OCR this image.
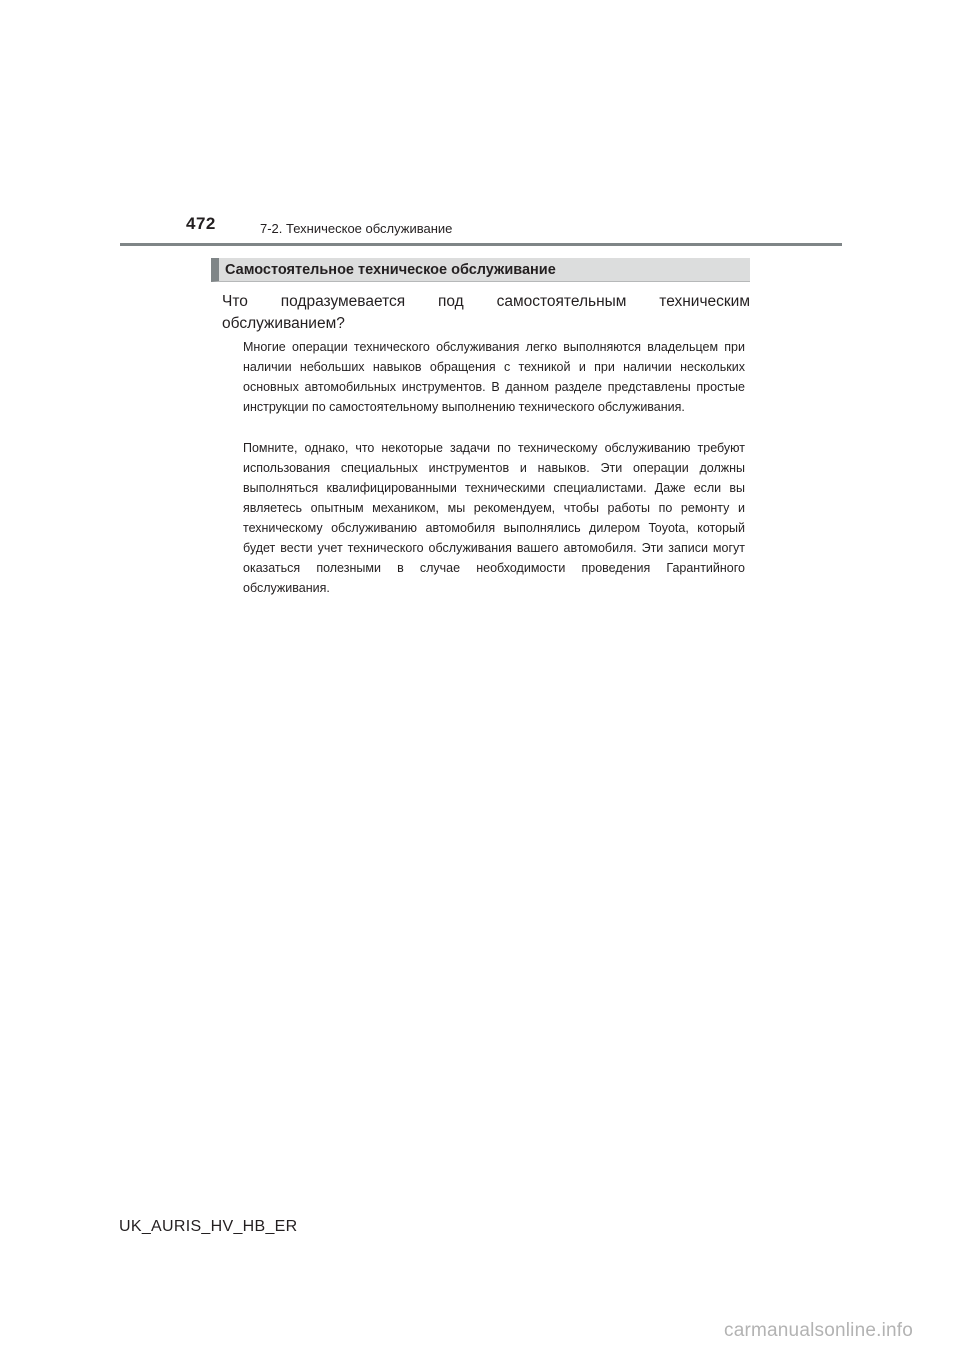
472	7-2. Техническое обслуживание
Самостоятельное техническое обслуживание
Что подразумевается под самостоятельным техническим
обслуживанием?

Многие операции технического обслуживания легко выполняются владельцем при наличии небольших навыков обращения с техникой и при наличии нескольких основных автомобильных инструментов. В данном разделе представлены простые инструкции по самостоятельному выполнению технического обслуживания.

Помните, однако, что некоторые задачи по техническому обслуживанию требуют использования специальных инструментов и навыков. Эти операции должны выполняться квалифицированными техническими специалистами. Даже если вы являетесь опытным механиком, мы рекомендуем, чтобы работы по ремонту и техническому обслуживанию автомобиля выполнялись дилером Toyota, который будет вести учет технического обслуживания вашего автомобиля. Эти записи могут оказаться полезными в случае необходимости проведения Гарантийного обслуживания.

UK_AURIS_HV_HB_ER
carmanualsonline.info
